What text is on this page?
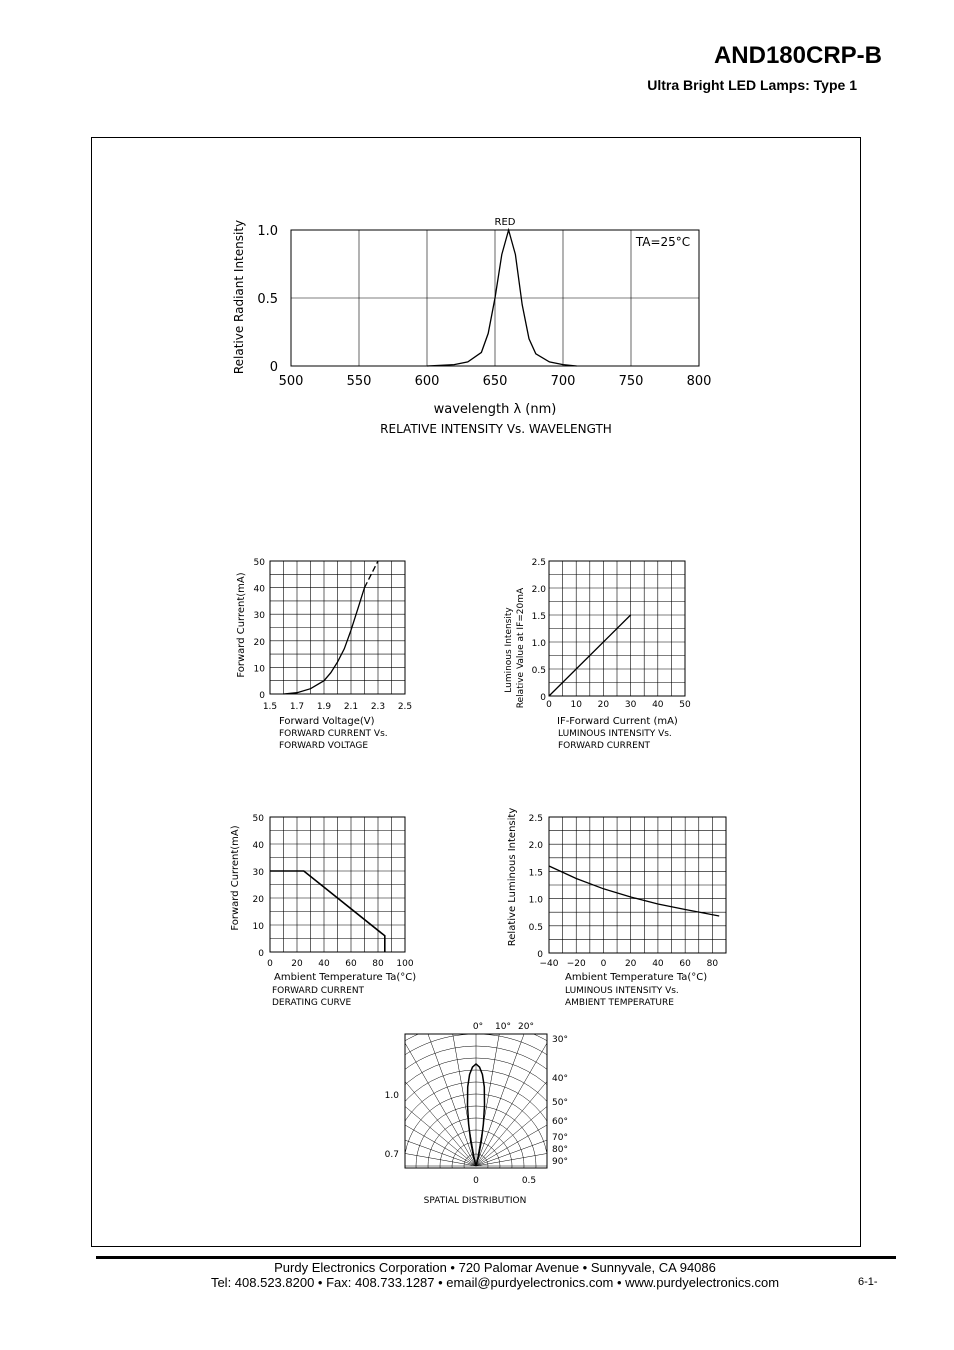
AND180CRP-B
Ultra Bright LED Lamps: Type 1
500	550	600	650	700	750	800
0
0.5
1.0
Relative Radiant Intensity
wavelength λ (nm)
RELATIVE INTENSITY Vs. WAVELENGTH
TA=25°C
RED
1.5 1.7 1.9 2.1 2.3 2.5
0
10
20
30
40
50
Forward Current(mA)
Forward Voltage(V)
FORWARD CURRENT Vs.
FORWARD VOLTAGE
0 10 20 30 40 50
0
0.5
1.0
1.5
2.0
2.5
Luminous Intensity Relative Value at IF=20mA
IF-Forward Current (mA)
LUMINOUS INTENSITY Vs.
FORWARD CURRENT
0 20 40 60 80 100
0
10
20
30
40
50
Forward Current(mA)
Ambient Temperature Ta(°C)
FORWARD CURRENT
DERATING CURVE
−40 −20 0 20 40 60 80
0
0.5
1.0
1.5
2.0
2.5
Relative Luminous Intensity
Ambient Temperature Ta(°C)
LUMINOUS INTENSITY Vs.
AMBIENT TEMPERATURE
0° 10° 20°
30°
40°
50°
60°
70°
80°
90°
1.0
0.7
0	0.5
SPATIAL DISTRIBUTION
Purdy Electronics Corporation • 720 Palomar Avenue • Sunnyvale, CA 94086
Tel: 408.523.8200 • Fax: 408.733.1287 • email@purdyelectronics.com • www.purdyelectronics.com	6-1-
